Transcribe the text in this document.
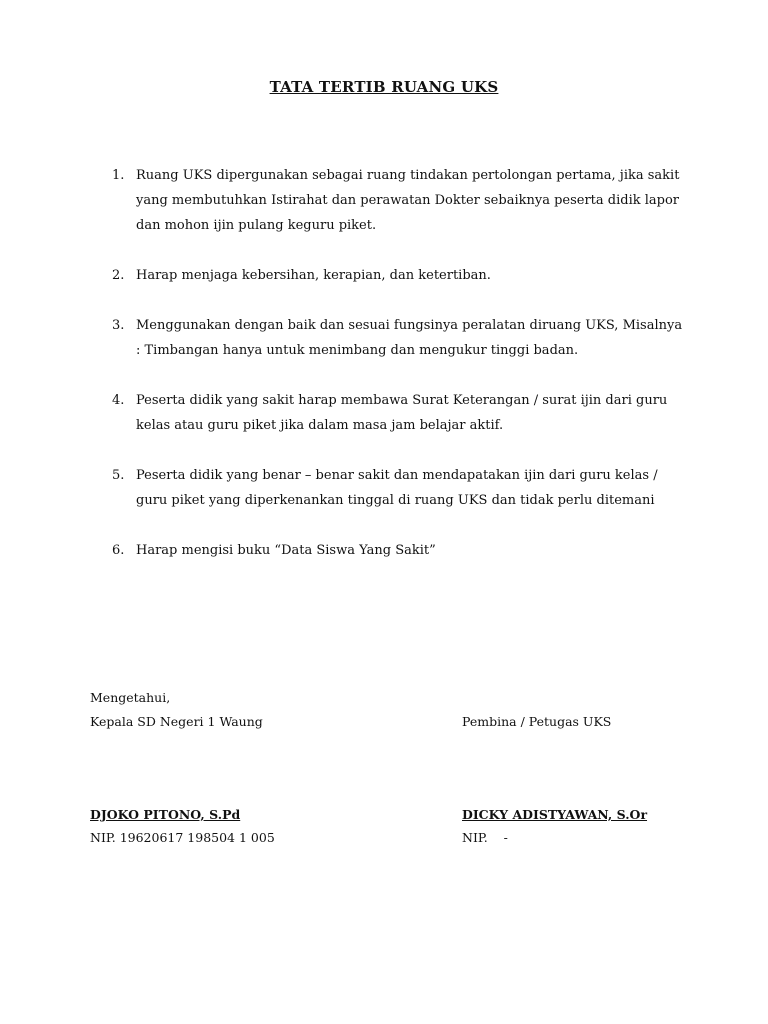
TATA TERTIB RUANG UKS
1. Ruang UKS dipergunakan sebagai ruang tindakan pertolongan pertama, jika sakit yang membutuhkan Istirahat dan perawatan Dokter sebaiknya peserta didik lapor dan mohon ijin pulang keguru piket.
2. Harap menjaga kebersihan, kerapian, dan ketertiban.
3. Menggunakan dengan baik dan sesuai fungsinya peralatan diruang UKS, Misalnya : Timbangan hanya untuk menimbang dan mengukur tinggi badan.
4. Peserta didik yang sakit harap membawa Surat Keterangan / surat ijin dari guru kelas atau guru piket jika dalam masa jam belajar aktif.
5. Peserta didik yang benar – benar sakit dan mendapatakan ijin dari guru kelas / guru piket yang diperkenankan tinggal di ruang UKS dan tidak perlu ditemani
6. Harap mengisi buku “Data Siswa Yang Sakit”
Mengetahui,
Kepala SD Negeri 1 Waung
DJOKO PITONO, S.Pd
NIP. 19620617 198504 1 005
Pembina / Petugas UKS
DICKY ADISTYAWAN, S.Or
NIP.    -
